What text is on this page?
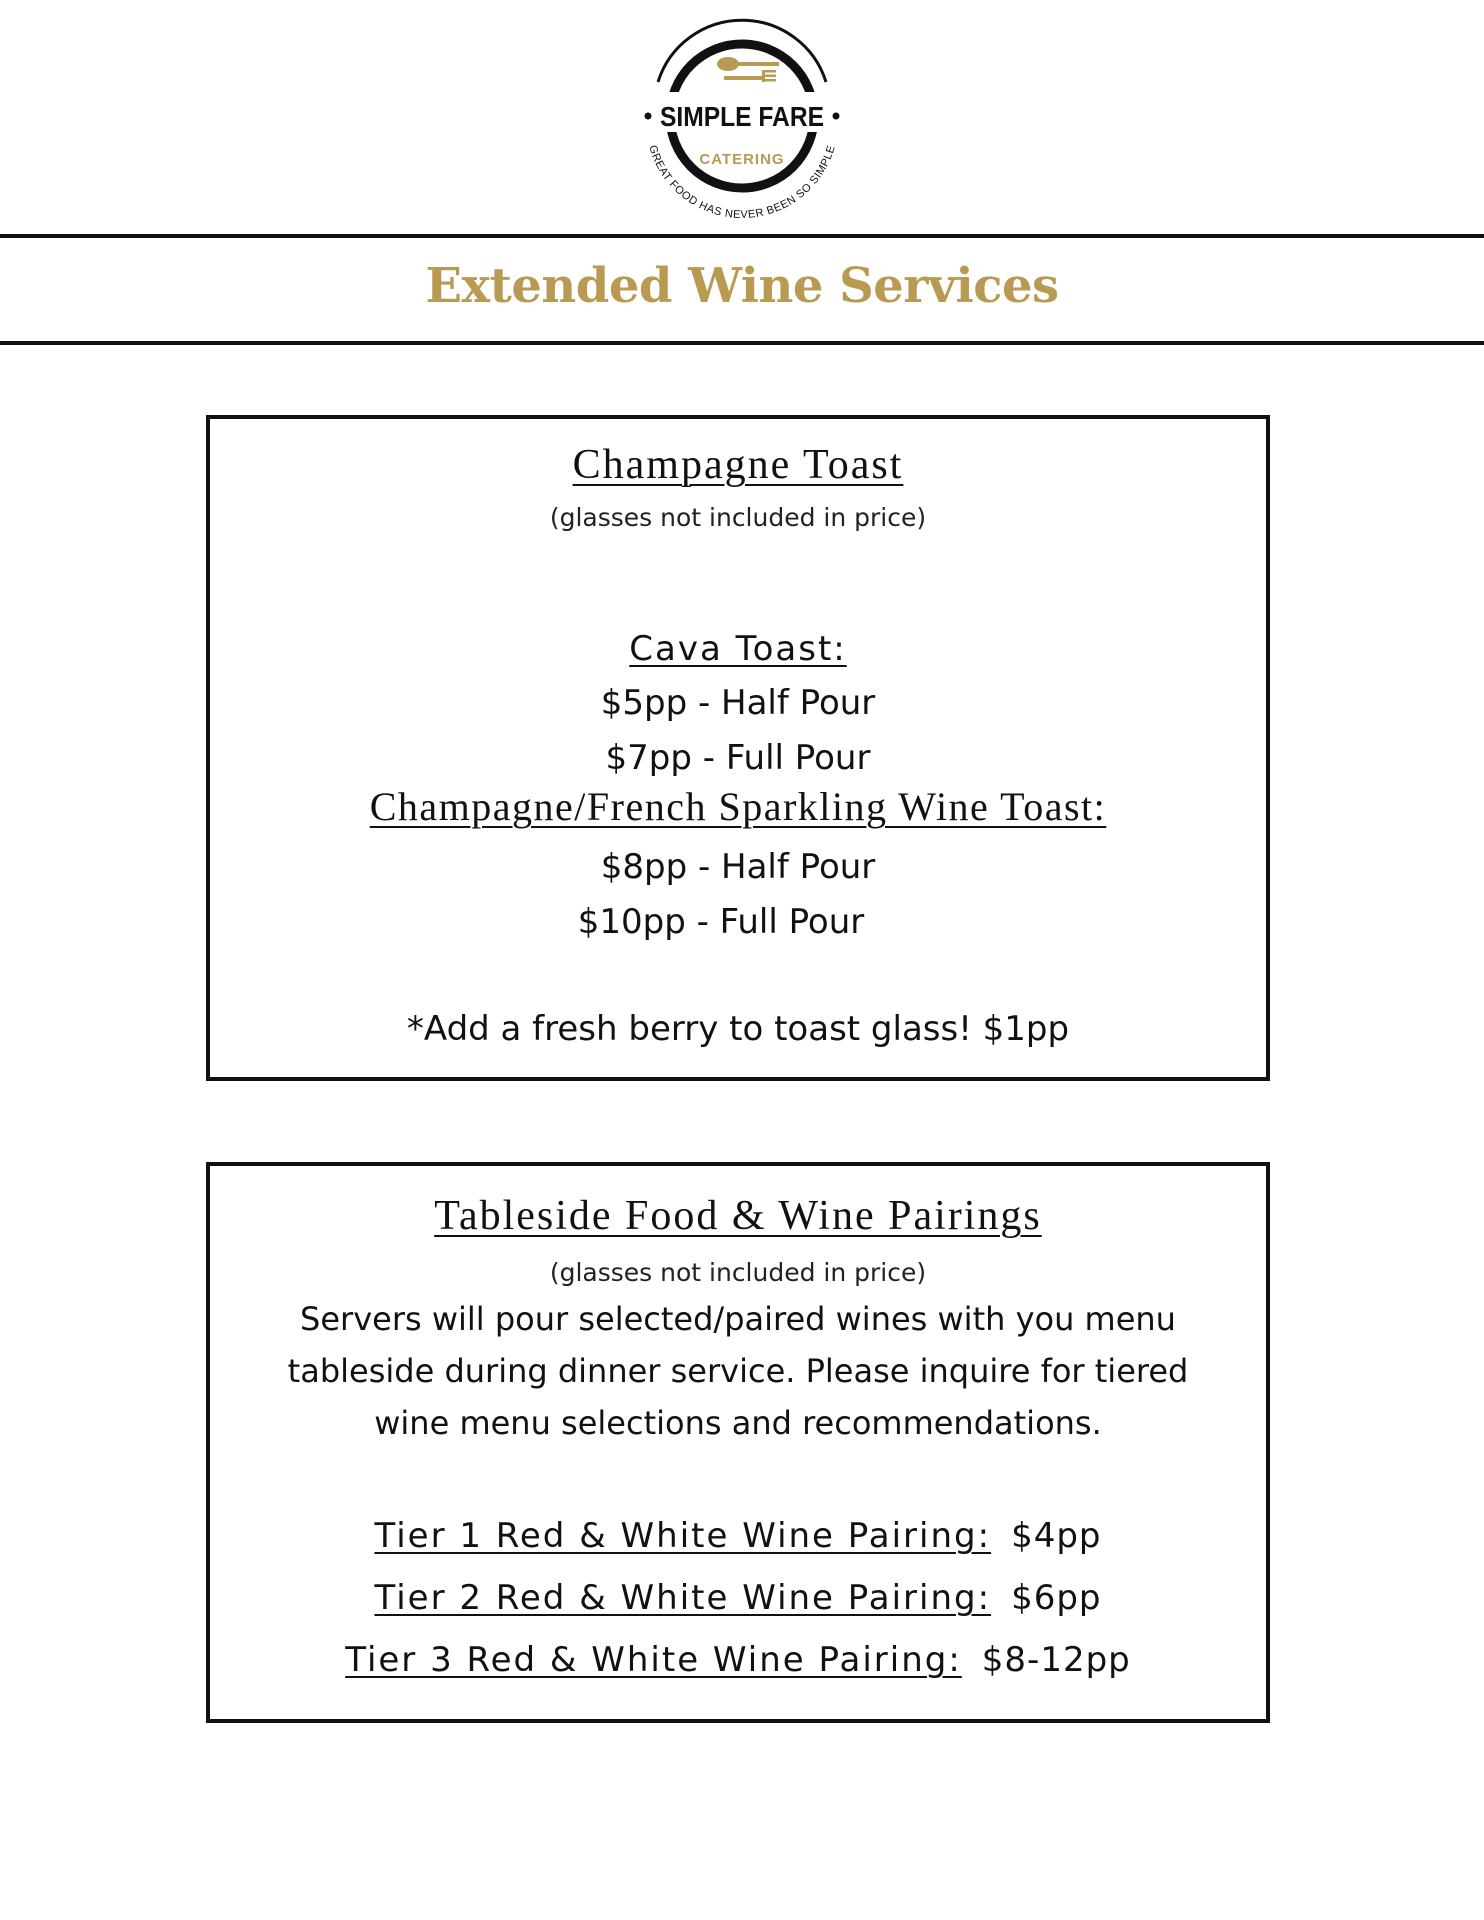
SIMPLE FARE
CATERING
GREAT FOOD HAS NEVER BEEN SO SIMPLE
Extended Wine Services
Champagne Toast
(glasses not included in price)
Cava Toast:
$5pp - Half Pour
$7pp - Full Pour
Champagne/French Sparkling Wine Toast:
$8pp - Half Pour
$10pp - Full Pour
*Add a fresh berry to toast glass! $1pp
Tableside Food & Wine Pairings
(glasses not included in price)
Servers will pour selected/paired wines with you menu
tableside during dinner service. Please inquire for tiered
wine menu selections and recommendations.
Tier 1 Red & White Wine Pairing: $4pp
Tier 2 Red & White Wine Pairing: $6pp
Tier 3 Red & White Wine Pairing: $8-12pp
